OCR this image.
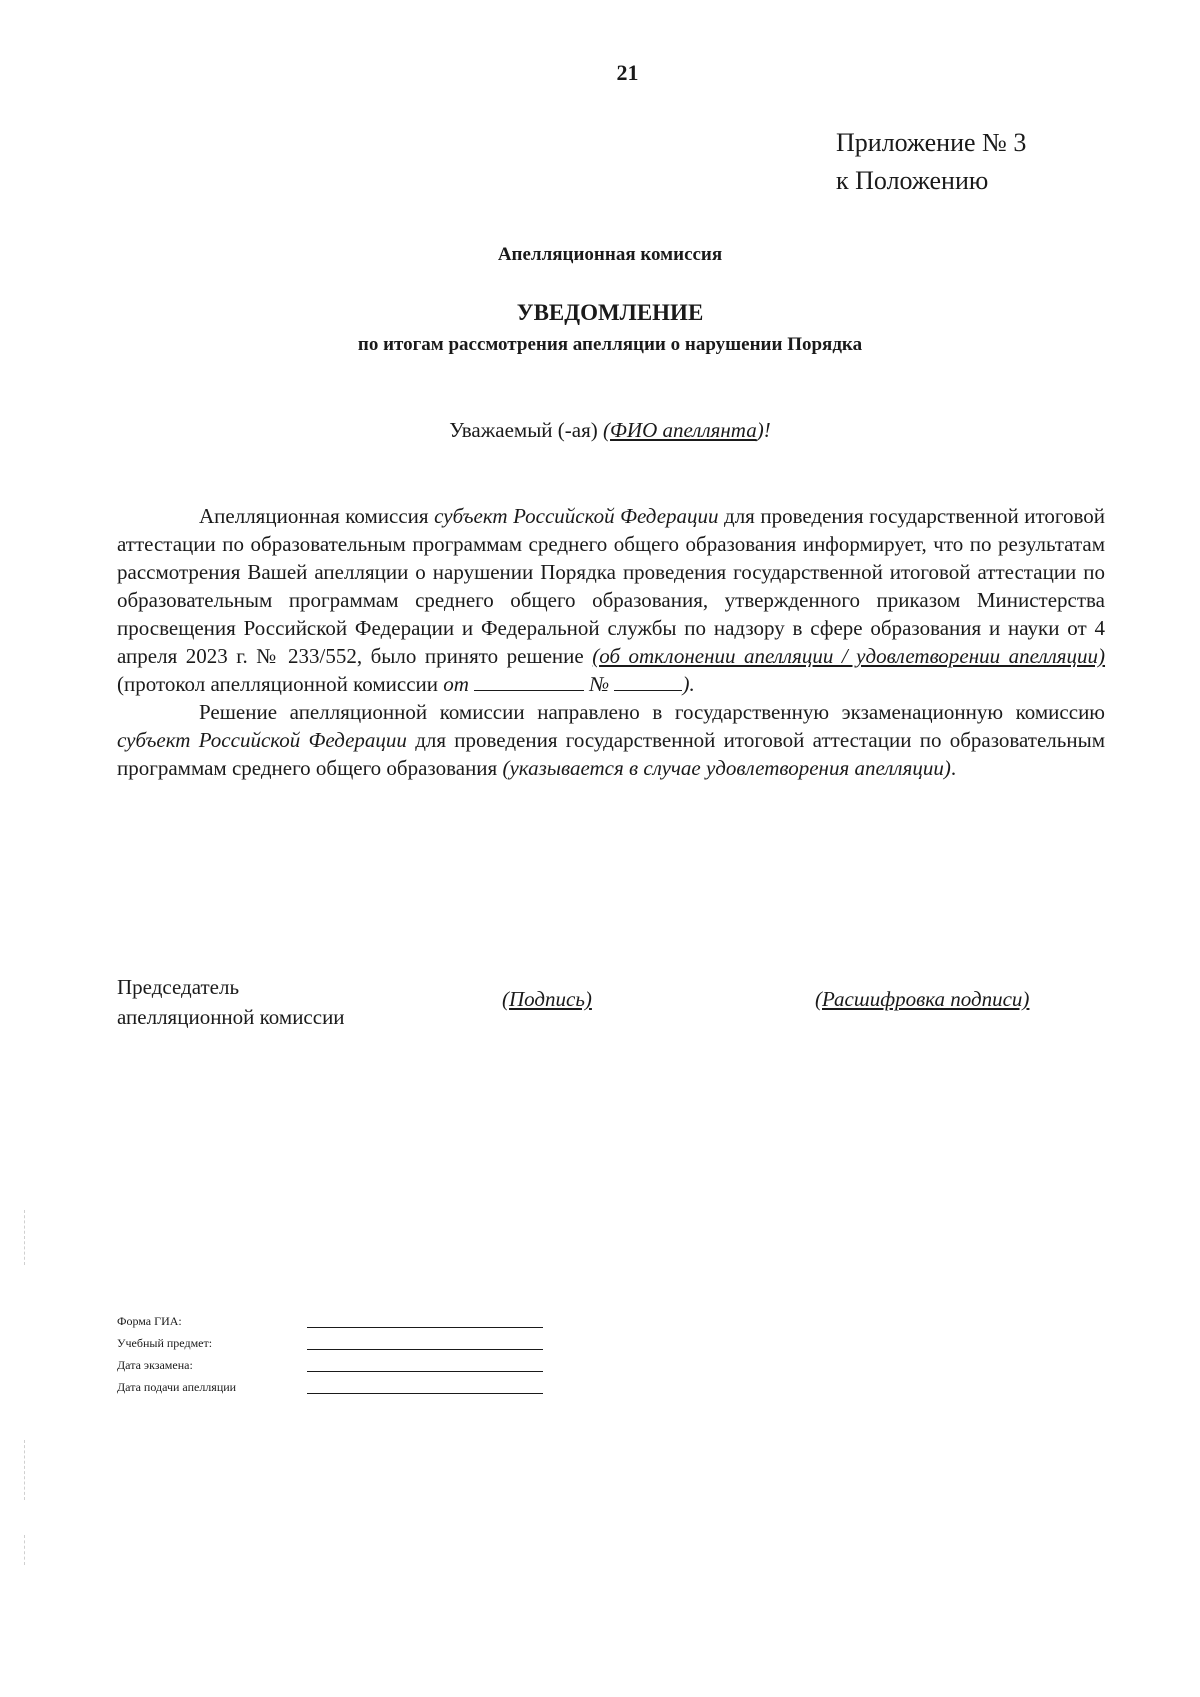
21
Приложение № 3
к Положению
Апелляционная комиссия
УВЕДОМЛЕНИЕ
по итогам рассмотрения апелляции о нарушении Порядка
Уважаемый (-ая) (ФИО апеллянта)!

Апелляционная комиссия субъект Российской Федерации для проведения государственной итоговой аттестации по образовательным программам среднего общего образования информирует, что по результатам рассмотрения Вашей апелляции о нарушении Порядка проведения государственной итоговой аттестации по образовательным программам среднего общего образования, утвержденного приказом Министерства просвещения Российской Федерации и Федеральной службы по надзору в сфере образования и науки от 4 апреля 2023 г. № 233/552, было принято решение (об отклонении апелляции / удовлетворении апелляции) (протокол апелляционной комиссии от	№	).

Решение апелляционной комиссии направлено в государственную экзаменационную комиссию субъект Российской Федерации для проведения государственной итоговой аттестации по образовательным программам среднего общего образования (указывается в случае удовлетворения апелляции).

Председатель
апелляционной комиссии
(Подпись)	(Расшифровка подписи)
Форма ГИА:
Учебный предмет:
Дата экзамена:
Дата подачи апелляции
